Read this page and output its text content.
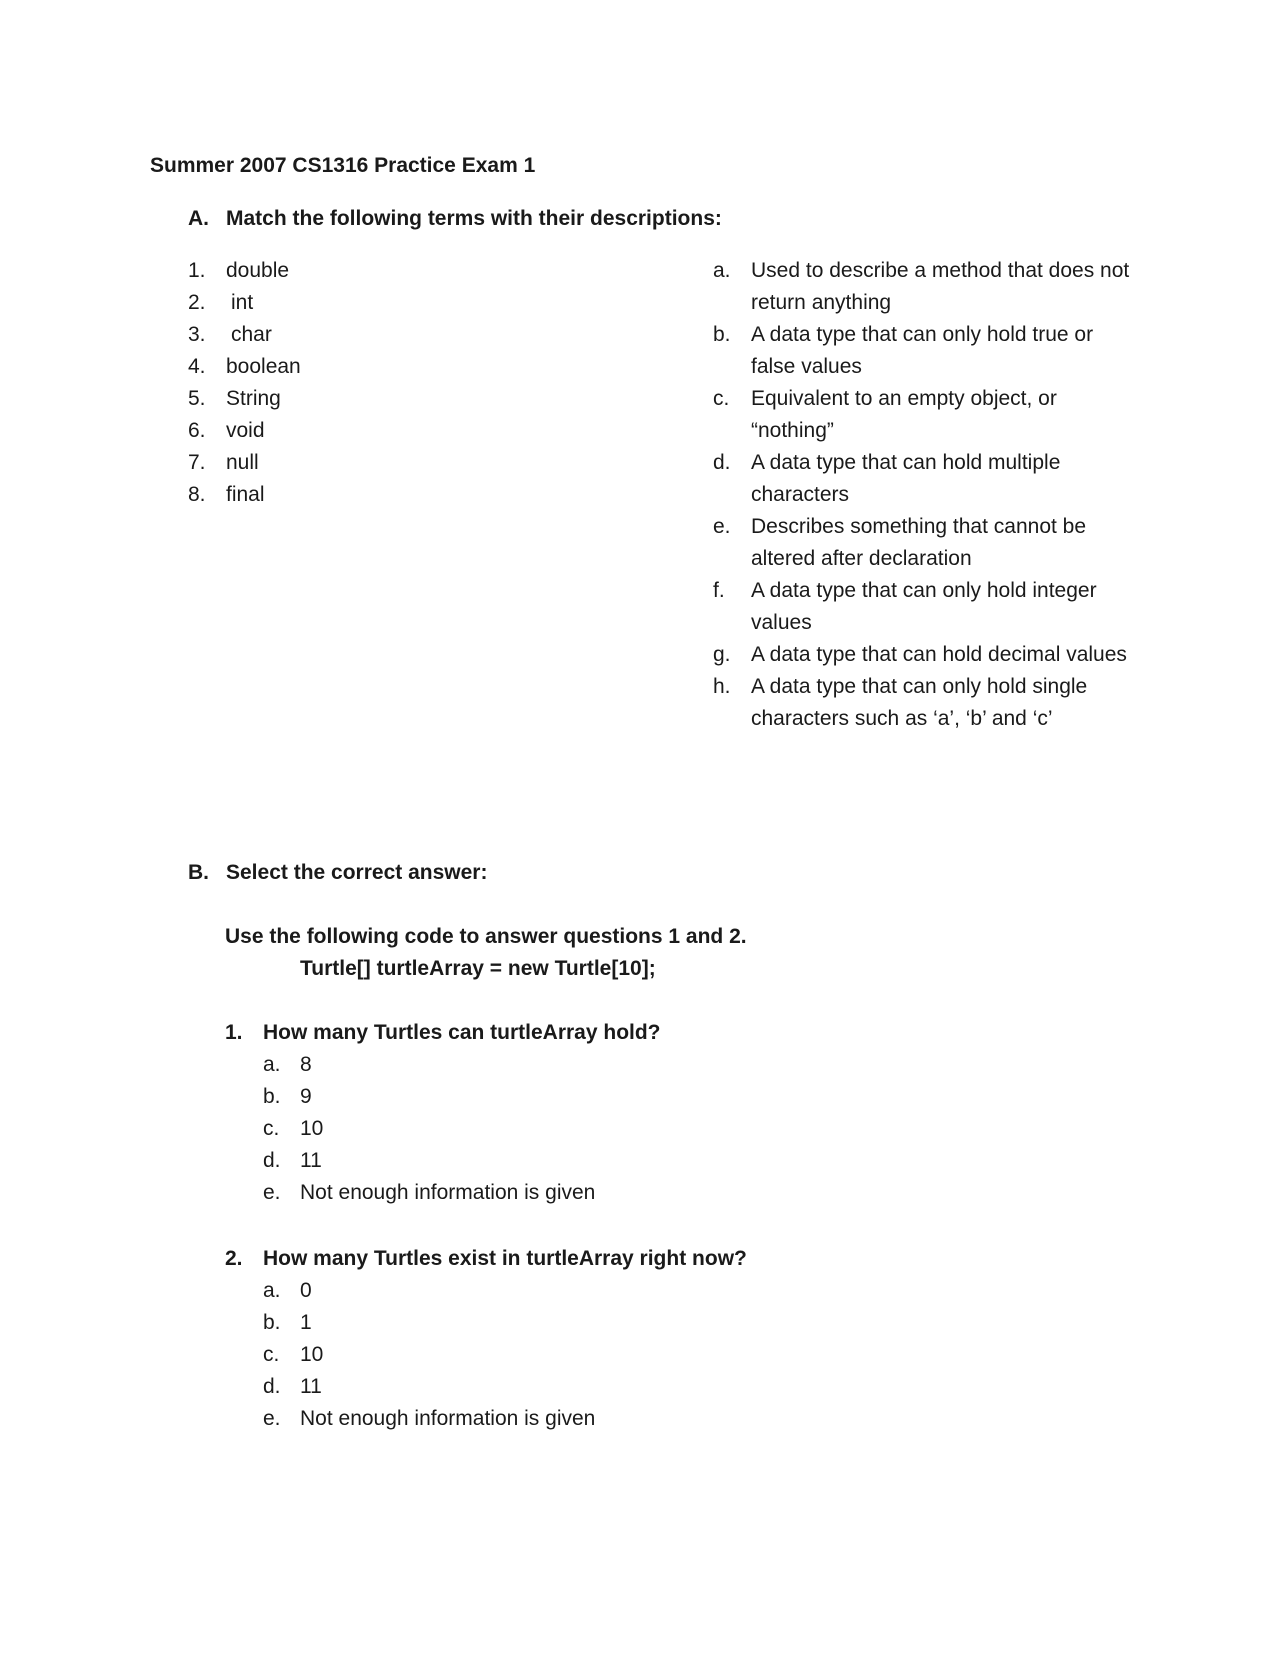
Summer 2007 CS1316 Practice Exam 1
A. Match the following terms with their descriptions:
1. double
2. int
3. char
4. boolean
5. String
6. void
7. null
8. final
a. Used to describe a method that does not return anything
b. A data type that can only hold true or false values
c. Equivalent to an empty object, or “nothing”
d. A data type that can hold multiple characters
e. Describes something that cannot be altered after declaration
f. A data type that can only hold integer values
g. A data type that can hold decimal values
h. A data type that can only hold single characters such as ‘a’, ‘b’ and ‘c’
B. Select the correct answer:
Use the following code to answer questions 1 and 2.
Turtle[] turtleArray = new Turtle[10];
1. How many Turtles can turtleArray hold?
a. 8
b. 9
c. 10
d. 11
e. Not enough information is given
2. How many Turtles exist in turtleArray right now?
a. 0
b. 1
c. 10
d. 11
e. Not enough information is given
